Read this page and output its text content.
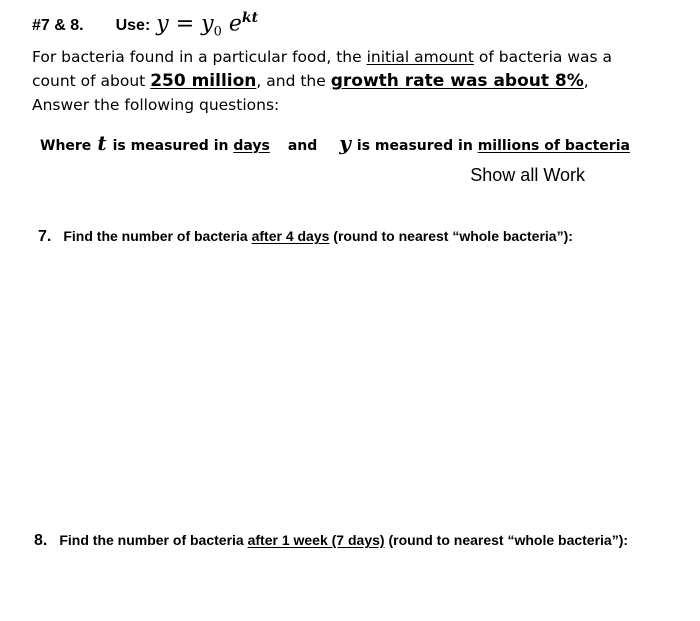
#7 & 8. Use: $y = y_0$ $e^{kt}$
For bacteria found in a particular food, the initial amount of bacteria was a count of about 250 million, and the growth rate was about 8%, Answer the following questions:
Where t is measured in
days and y is measured in
millions of bacteria
Show all Work
7. Find the number of bacteria after 4 days (round to nearest “whole bacteria”):
8. Find the number of bacteria after 1 week (7 days) (round to nearest “whole bacteria”):
